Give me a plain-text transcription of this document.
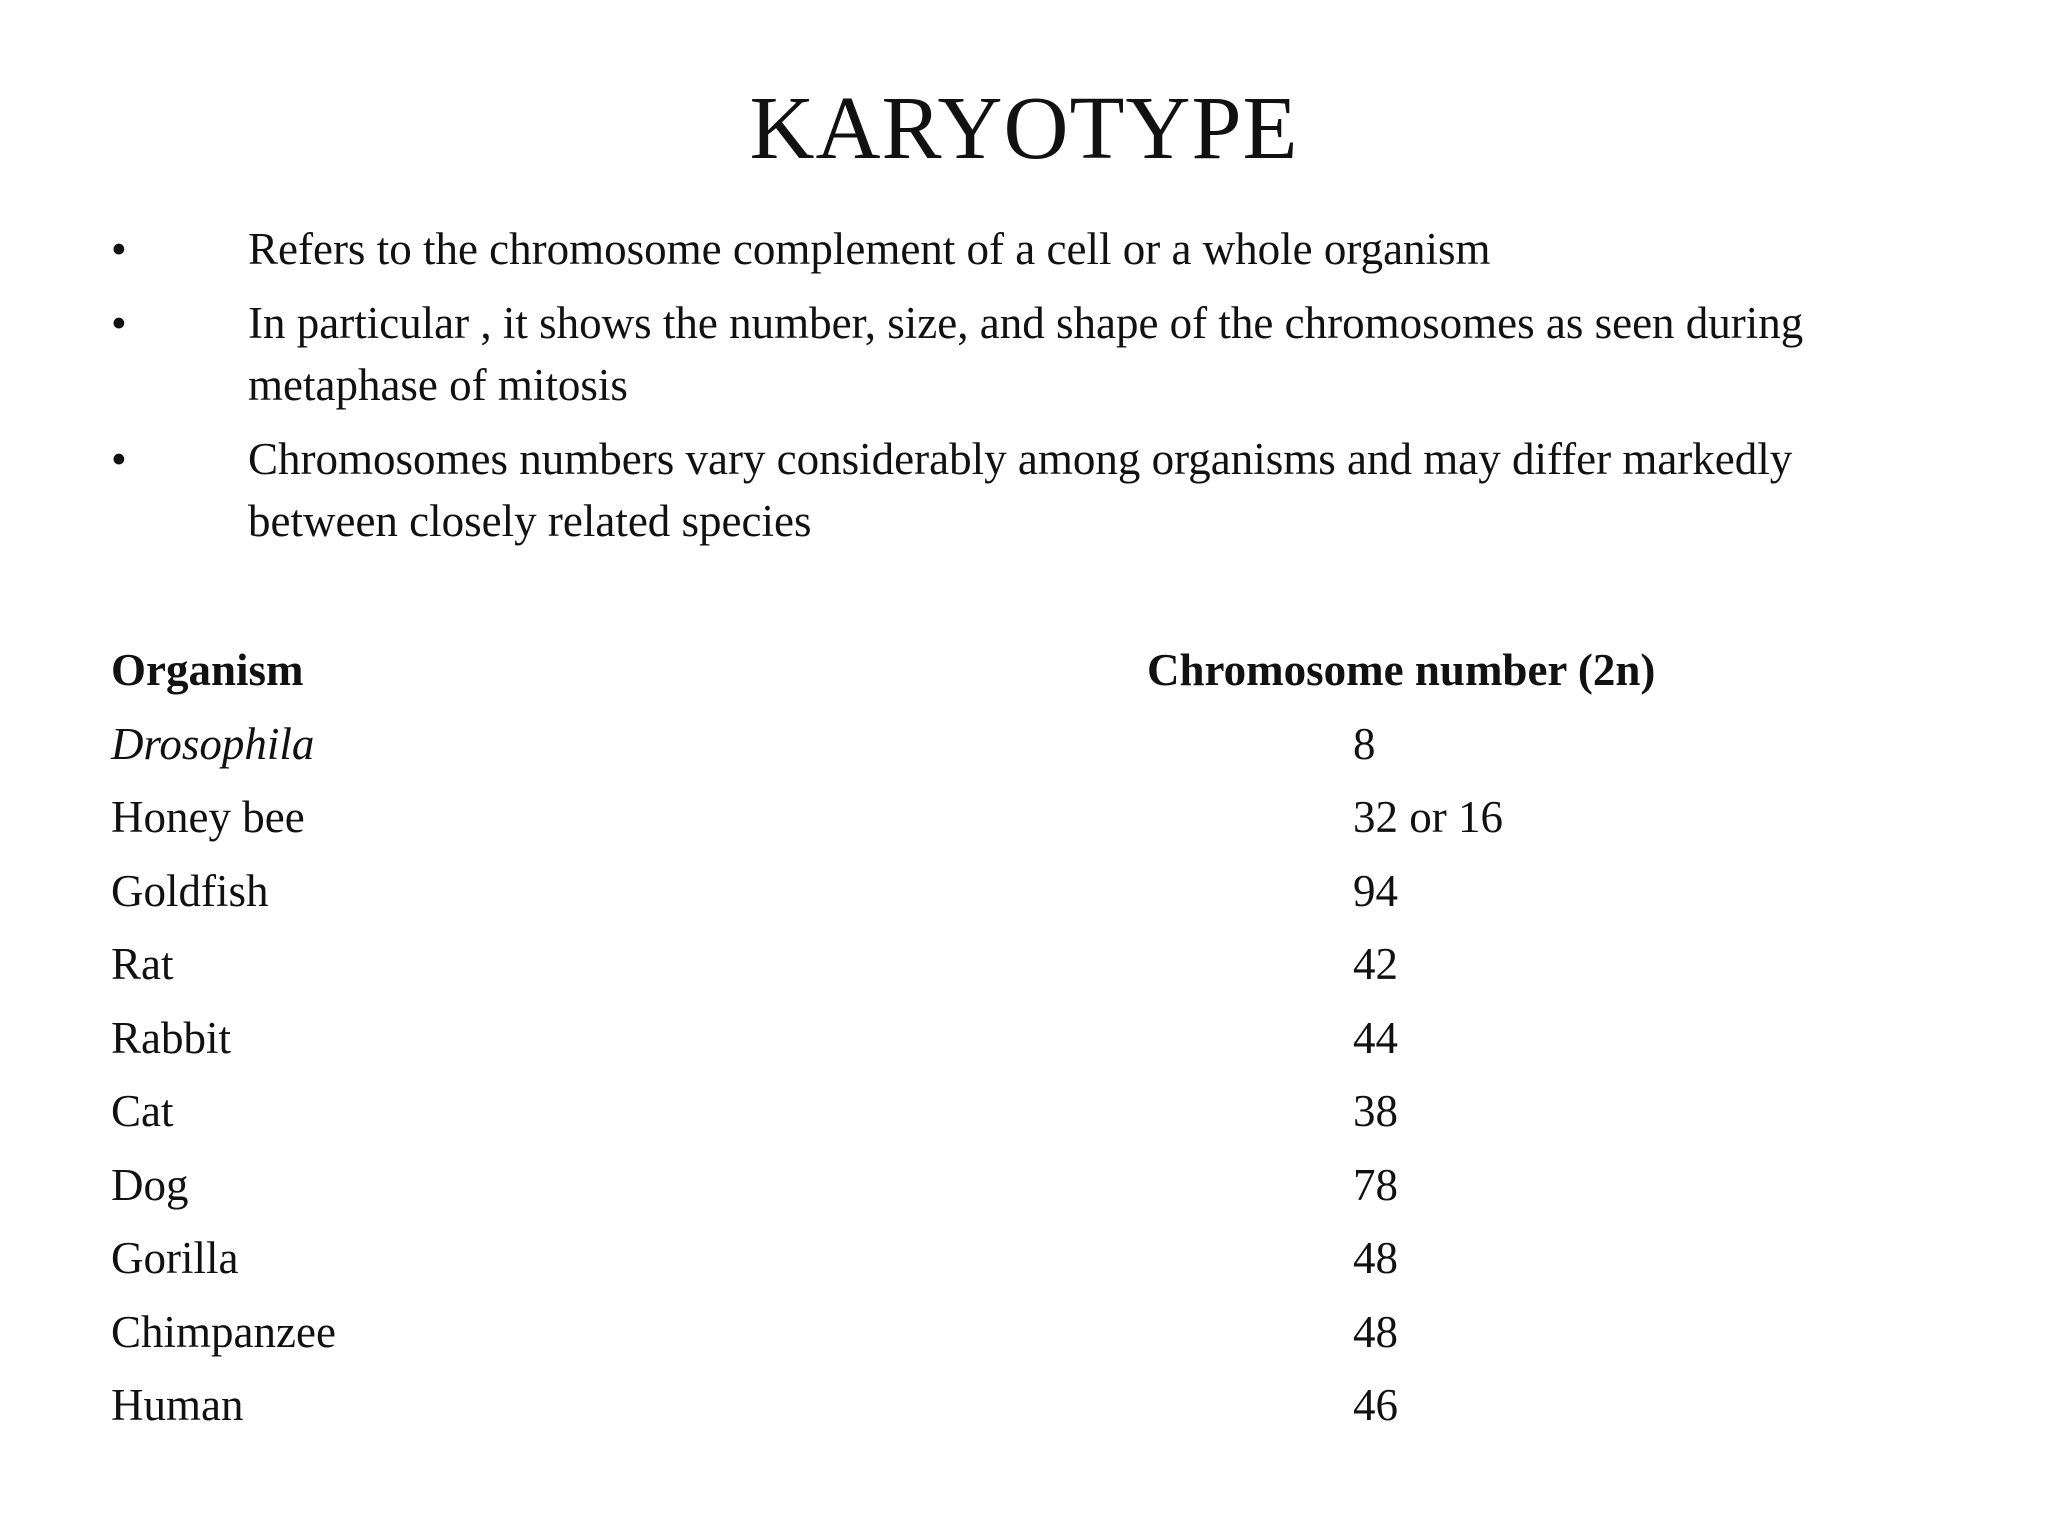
KARYOTYPE
•	Refers to the chromosome complement of a cell or a whole organism
•	In particular , it shows the number, size, and shape of the chromosomes as seen during metaphase of mitosis
•	Chromosomes numbers vary considerably among organisms and may differ markedly between closely related species
Organism	Chromosome number (2n)
Drosophila	8
Honey bee	32 or 16
Goldfish	94
Rat	42
Rabbit	44
Cat	38
Dog	78
Gorilla	48
Chimpanzee	48
Human	46
